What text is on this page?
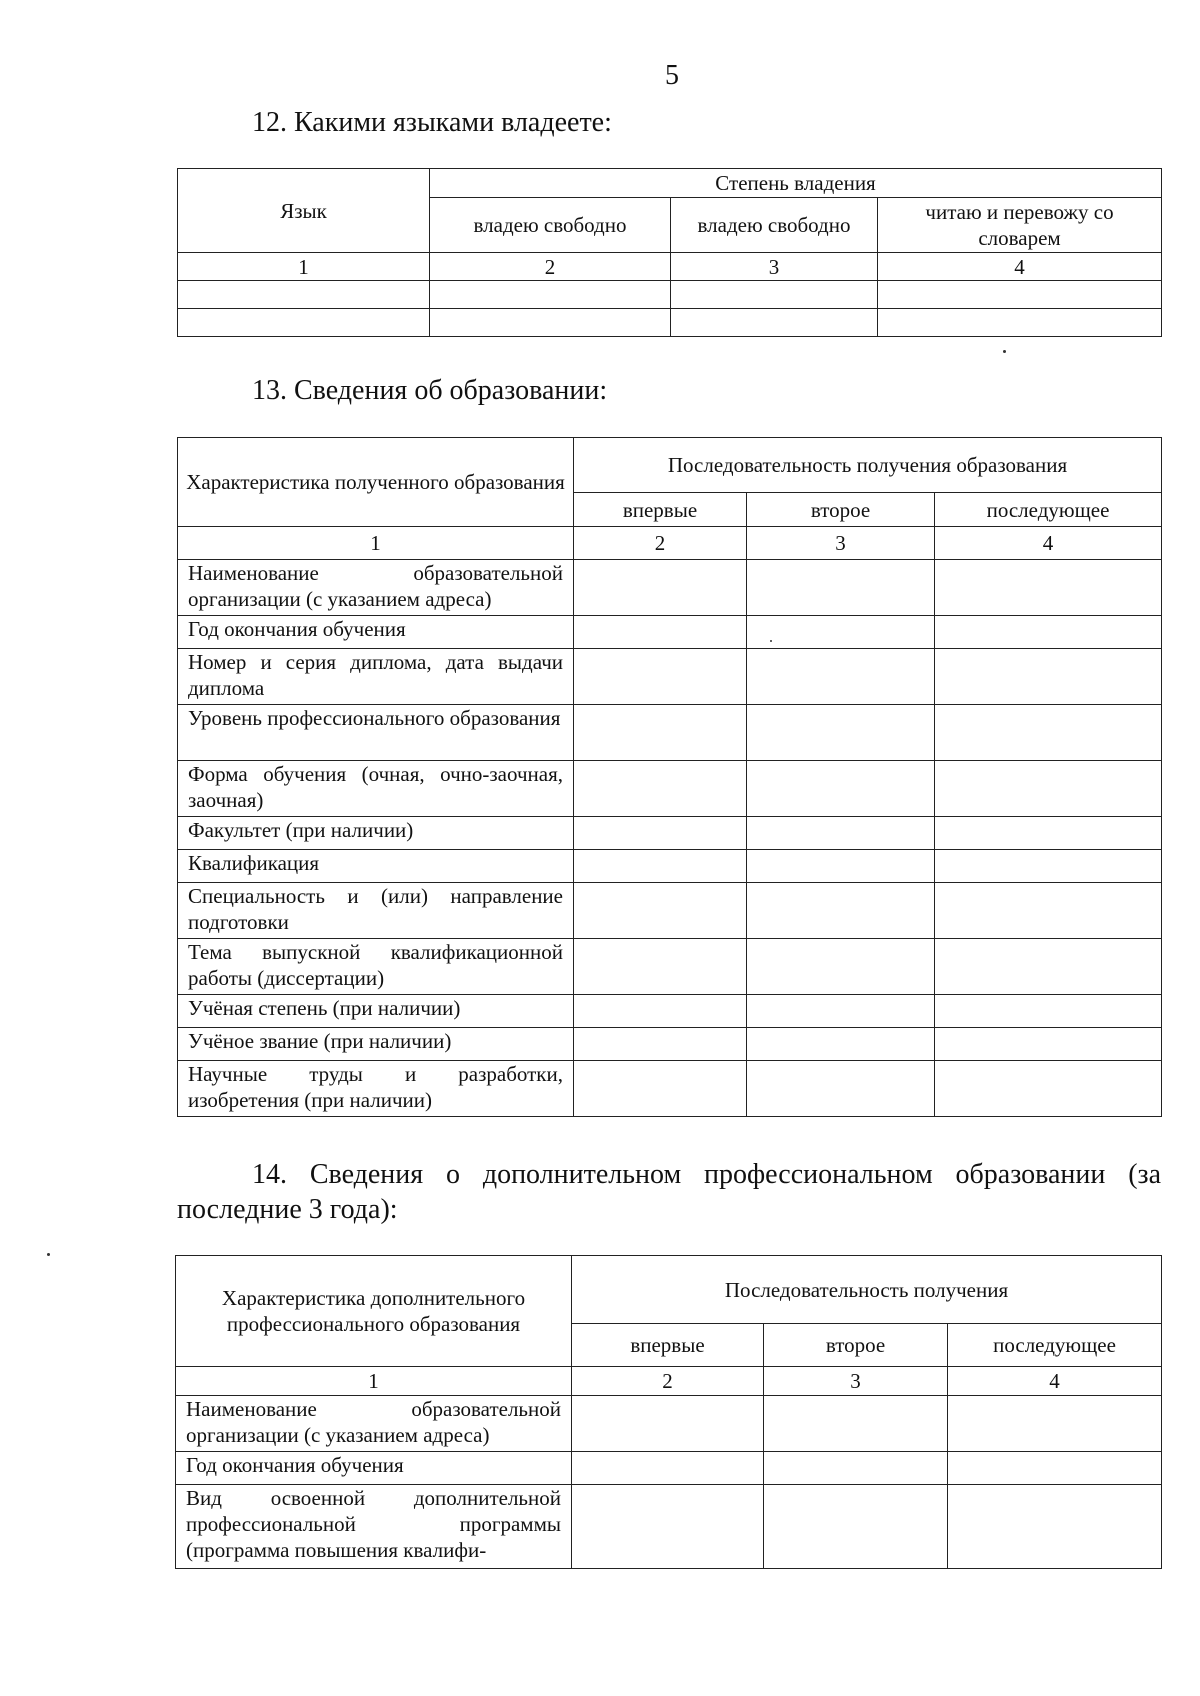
5
12. Какими языками владеете:
Язык	Степень владения		
	владею свободно	владею свободно	читаю и перевожу со словарем
1	2	3	4

13. Сведения об образовании:
Характеристика полученного образования	Последовательность получения образования		
	впервые	второе	последующее
1	2	3	4
Наименование образовательной организации (с указанием адреса)			
Год окончания обучения			
Номер и серия диплома, дата выдачи диплома			
Уровень профессионального образования			
Форма обучения (очная, очно-заочная, заочная)			
Факультет (при наличии)			
Квалификация			
Специальность и (или) направление подготовки			
Тема выпускной квалификационной работы (диссертации)			
Учёная степень (при наличии)			
Учёное звание (при наличии)			
Научные труды и разработки, изобретения (при наличии)			

14. Сведения о дополнительном профессиональном образовании (за последние 3 года):

Характеристика дополнительного профессионального образования	Последовательность получения		
	впервые	второе	последующее
1	2	3	4
Наименование образовательной организации (с указанием адреса)			
Год окончания обучения			
Вид освоенной дополнительной профессиональной программы (программа повышения квалифи-			
